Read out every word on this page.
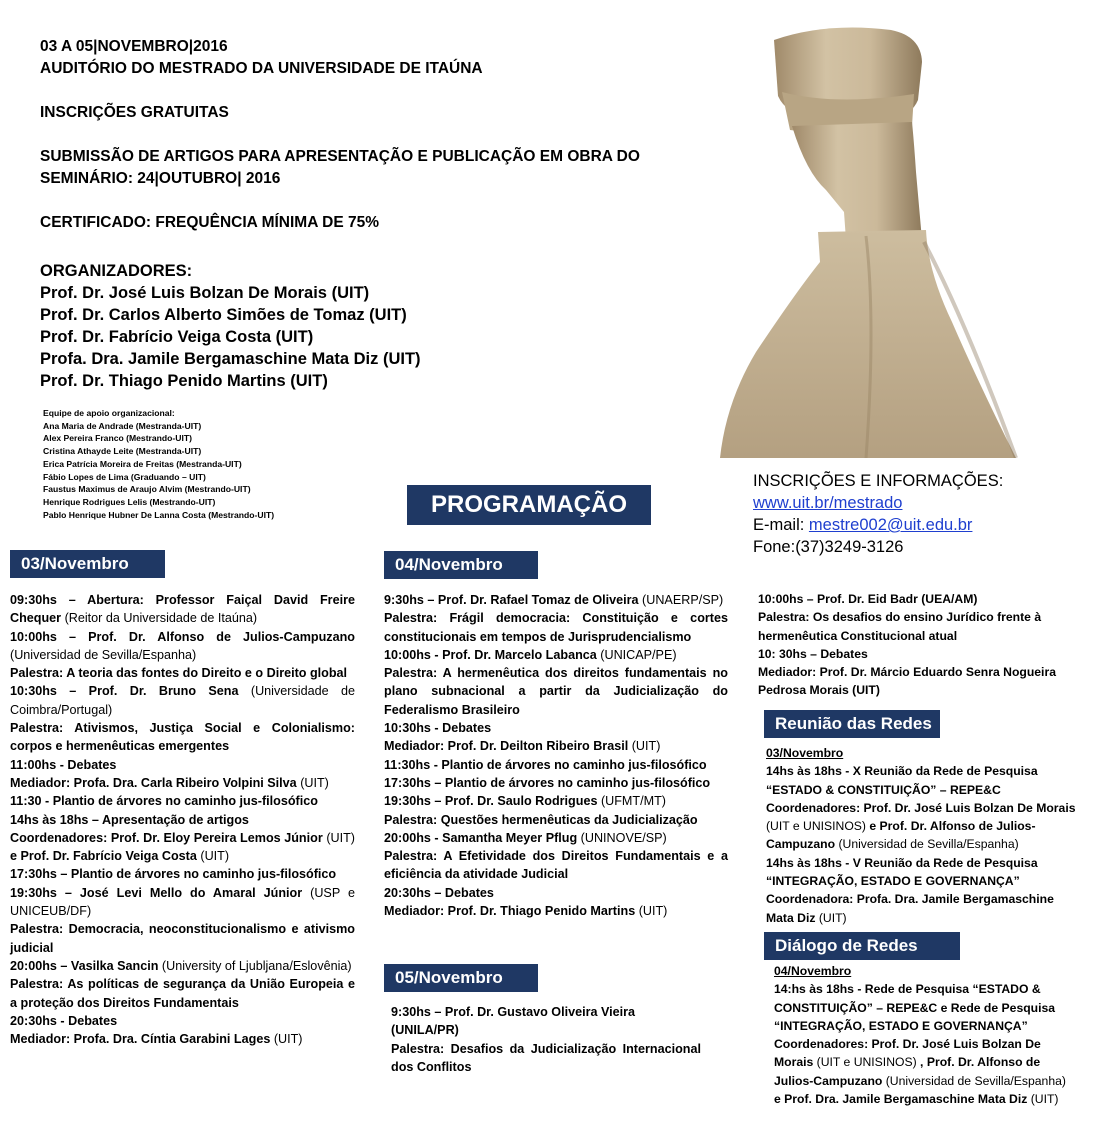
03 A 05|NOVEMBRO|2016

AUDITÓRIO DO MESTRADO DA UNIVERSIDADE DE ITAÚNA

INSCRIÇÕES GRATUITAS

SUBMISSÃO DE ARTIGOS PARA APRESENTAÇÃO E PUBLICAÇÃO EM OBRA DO

SEMINÁRIO: 24|OUTUBRO| 2016

CERTIFICADO: FREQUÊNCIA MÍNIMA DE 75%

ORGANIZADORES:

Prof. Dr. José Luis Bolzan De Morais (UIT)

Prof. Dr. Carlos Alberto Simões de Tomaz (UIT)

Prof. Dr. Fabrício Veiga Costa (UIT)

Profa. Dra. Jamile Bergamaschine Mata Diz (UIT)

Prof. Dr. Thiago Penido Martins (UIT)

Equipe de apoio organizacional:

Ana Maria de Andrade (Mestranda-UIT)

Alex Pereira Franco (Mestrando-UIT)

Cristina Athayde Leite (Mestranda-UIT)

Erica Patrícia Moreira de Freitas (Mestranda-UIT)

Fábio Lopes de Lima (Graduando – UIT)

Faustus Maximus de Araujo Alvim (Mestrando-UIT)

Henrique Rodrigues Lelis (Mestrando-UIT)

Pablo Henrique Hubner De Lanna Costa (Mestrando-UIT)

INSCRIÇÕES E INFORMAÇÕES:

www.uit.br/mestrado

E-mail: mestre002@uit.edu.br

Fone:(37)3249-3126

PROGRAMAÇÃO
03/Novembro

09:30hs – Abertura: Professor Faiçal David Freire Chequer (Reitor da Universidade de Itaúna)

10:00hs – Prof. Dr. Alfonso de Julios-Campuzano (Universidad de Sevilla/Espanha)

Palestra: A teoria das fontes do Direito e o Direito global

10:30hs – Prof. Dr. Bruno Sena (Universidade de Coimbra/Portugal)

Palestra: Ativismos, Justiça Social e Colonialismo: corpos e hermenêuticas emergentes

11:00hs - Debates

Mediador: Profa. Dra. Carla Ribeiro Volpini Silva (UIT)

11:30 - Plantio de árvores no caminho jus-filosófico

14hs às 18hs – Apresentação de artigos

Coordenadores: Prof. Dr. Eloy Pereira Lemos Júnior (UIT) e Prof. Dr. Fabrício Veiga Costa (UIT)

17:30hs – Plantio de árvores no caminho jus-filosófico

19:30hs – José Levi Mello do Amaral Júnior (USP e UNICEUB/DF)

Palestra: Democracia, neoconstitucionalismo e ativismo judicial

20:00hs – Vasilka Sancin (University of Ljubljana/Eslovênia)

Palestra: As políticas de segurança da União Europeia e a proteção dos Direitos Fundamentais

20:30hs - Debates

Mediador: Profa. Dra. Cíntia Garabini Lages (UIT)

04/Novembro

9:30hs – Prof. Dr. Rafael Tomaz de Oliveira (UNAERP/SP)

Palestra: Frágil democracia: Constituição e cortes constitucionais em tempos de Jurisprudencialismo

10:00hs - Prof. Dr. Marcelo Labanca (UNICAP/PE)

Palestra: A hermenêutica dos direitos fundamentais no plano subnacional a partir da Judicialização do Federalismo Brasileiro

10:30hs - Debates

Mediador: Prof. Dr. Deilton Ribeiro Brasil (UIT)

11:30hs - Plantio de árvores no caminho jus-filosófico

17:30hs – Plantio de árvores no caminho jus-filosófico

19:30hs – Prof. Dr. Saulo Rodrigues (UFMT/MT)

Palestra: Questões hermenêuticas da Judicialização

20:00hs - Samantha Meyer Pflug (UNINOVE/SP)

Palestra: A Efetividade dos Direitos Fundamentais e a eficiência da atividade Judicial

20:30hs – Debates

Mediador: Prof. Dr. Thiago Penido Martins (UIT)

05/Novembro

9:30hs – Prof. Dr. Gustavo Oliveira Vieira

(UNILA/PR)

Palestra: Desafios da Judicialização Internacional dos Conflitos

10:00hs – Prof. Dr. Eid Badr (UEA/AM)

Palestra: Os desafios do ensino Jurídico frente à hermenêutica Constitucional atual

10: 30hs – Debates

Mediador: Prof. Dr. Márcio Eduardo Senra Nogueira Pedrosa Morais (UIT)

Reunião das Redes

03/Novembro

14hs às 18hs - X Reunião da Rede de Pesquisa “ESTADO & CONSTITUIÇÃO” – REPE&C

Coordenadores: Prof. Dr. José Luis Bolzan De Morais (UIT e UNISINOS) e Prof. Dr. Alfonso de Julios-Campuzano (Universidad de Sevilla/Espanha)

14hs às 18hs - V Reunião da Rede de Pesquisa “INTEGRAÇÃO, ESTADO E GOVERNANÇA”

Coordenadora: Profa. Dra. Jamile Bergamaschine Mata Diz (UIT)

Diálogo de Redes

04/Novembro

14:hs às 18hs - Rede de Pesquisa “ESTADO & CONSTITUIÇÃO” – REPE&C e Rede de Pesquisa “INTEGRAÇÃO, ESTADO E GOVERNANÇA”

Coordenadores: Prof. Dr. José Luis Bolzan De Morais (UIT e UNISINOS) , Prof. Dr. Alfonso de Julios-Campuzano (Universidad de Sevilla/Espanha) e Prof. Dra. Jamile Bergamaschine Mata Diz (UIT)
